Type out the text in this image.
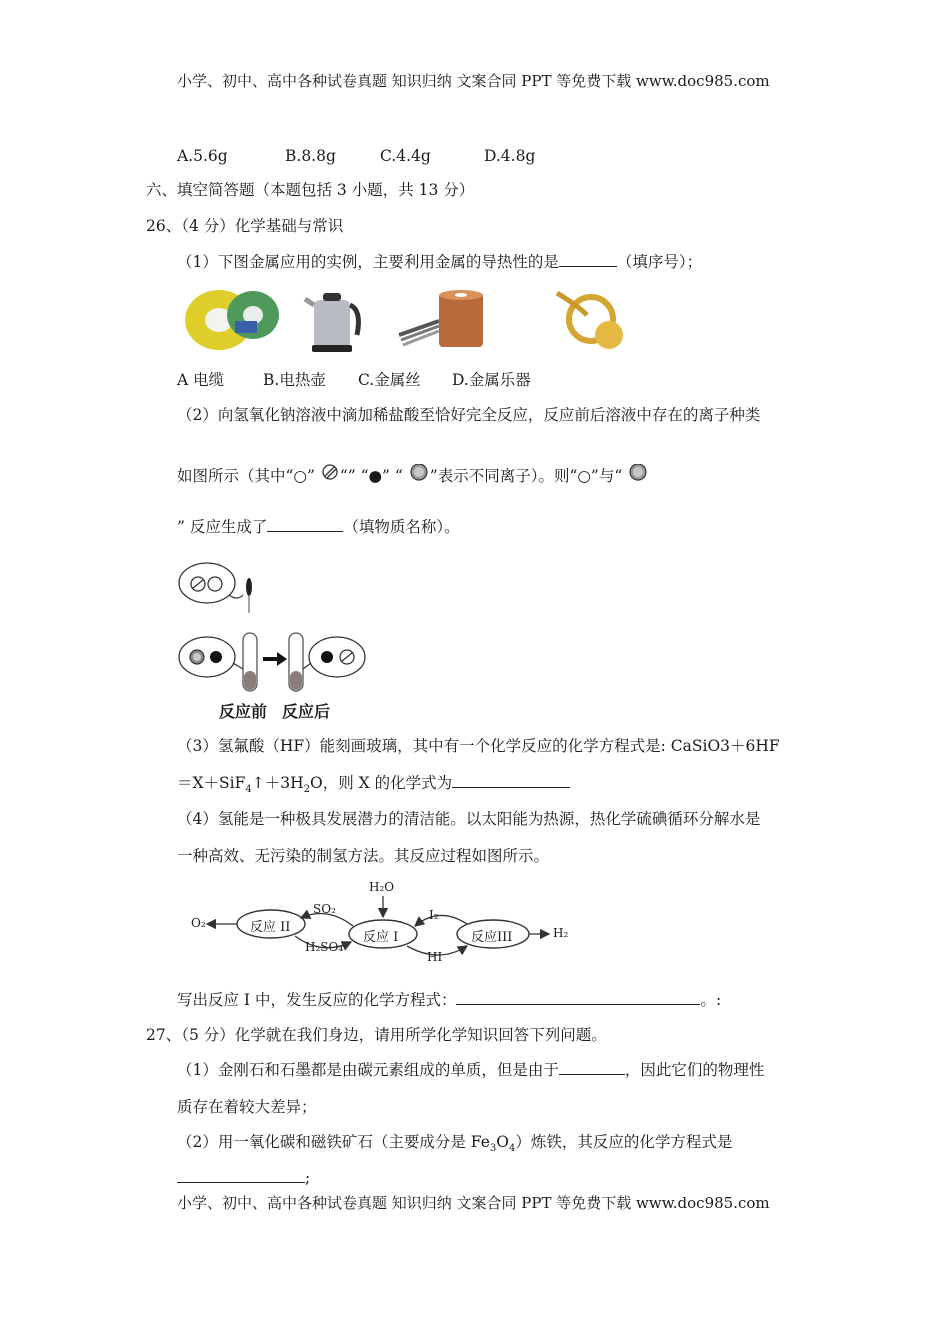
小学、初中、高中各种试卷真题 知识归纳 文案合同 PPT 等免费下载 www.doc985.com
A.5.6g	B.8.8g	C.4.4g	D.4.8g
六、填空简答题（本题包括 3 小题，共 13 分）
26、（4 分）化学基础与常识
（1）下图金属应用的实例，主要利用金属的导热性的是	（填序号）；
A 电缆	B.电热壶 C.金属丝 D.金属乐器
（2）向氢氧化钠溶液中滴加稀盐酸至恰好完全反应，反应前后溶液中存在的离子种类
如图所示（其中“○” “” “●” “ ”表示不同离子）。则“○”与“
” 反应生成了	（填物质名称）。
反应前 反应后
（3）氢氟酸（HF）能刻画玻璃，其中有一个化学反应的化学方程式是: CaSiO3＋6HF
$=X+SiF_4↑+3H_2O$，则 X 的化学式为
（4）氢能是一种极具发展潜力的清洁能。以太阳能为热源，热化学硫碘循环分解水是
一种高效、无污染的制氢方法。其反应过程如图所示。
反应 II
反应 I	反应III
H₂O
SO₂
H₂SO₄
I₂
HI
O₂
H₂
写出反应 I 中，发生反应的化学方程式：	。:
27、（5 分）化学就在我们身边，请用所学化学知识回答下列问题。
（1）金刚石和石墨都是由碳元素组成的单质，但是由于	，因此它们的物理性
质存在着较大差异；
（2）用一氧化碳和磁铁矿石（主要成分是 $Fe_3O_4$）炼铁，其反应的化学方程式是
;
小学、初中、高中各种试卷真题 知识归纳 文案合同 PPT 等免费下载 www.doc985.com
